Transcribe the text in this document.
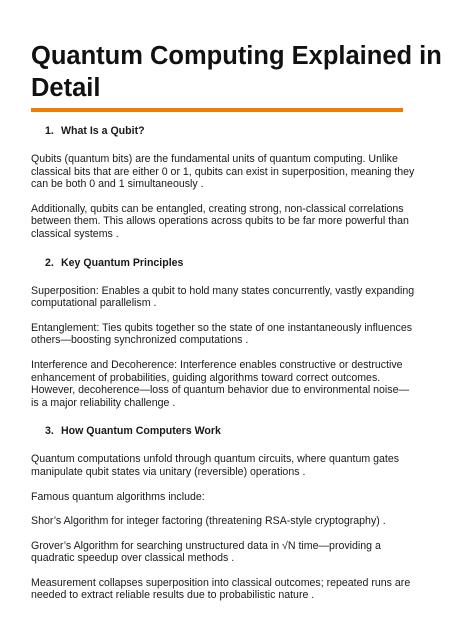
Quantum Computing Explained in Detail
1. What Is a Qubit?

Qubits (quantum bits) are the fundamental units of quantum computing. Unlike classical bits that are either 0 or 1, qubits can exist in superposition, meaning they can be both 0 and 1 simultaneously .

Additionally, qubits can be entangled, creating strong, non-classical correlations between them. This allows operations across qubits to be far more powerful than classical systems .

2. Key Quantum Principles

Superposition: Enables a qubit to hold many states concurrently, vastly expanding computational parallelism .

Entanglement: Ties qubits together so the state of one instantaneously influences others—boosting synchronized computations .

Interference and Decoherence: Interference enables constructive or destructive enhancement of probabilities, guiding algorithms toward correct outcomes. However, decoherence—loss of quantum behavior due to environmental noise—is a major reliability challenge .

3. How Quantum Computers Work

Quantum computations unfold through quantum circuits, where quantum gates manipulate qubit states via unitary (reversible) operations .

Famous quantum algorithms include:

Shor’s Algorithm for integer factoring (threatening RSA-style cryptography) .

Grover’s Algorithm for searching unstructured data in √N time—providing a quadratic speedup over classical methods .

Measurement collapses superposition into classical outcomes; repeated runs are needed to extract reliable results due to probabilistic nature .
